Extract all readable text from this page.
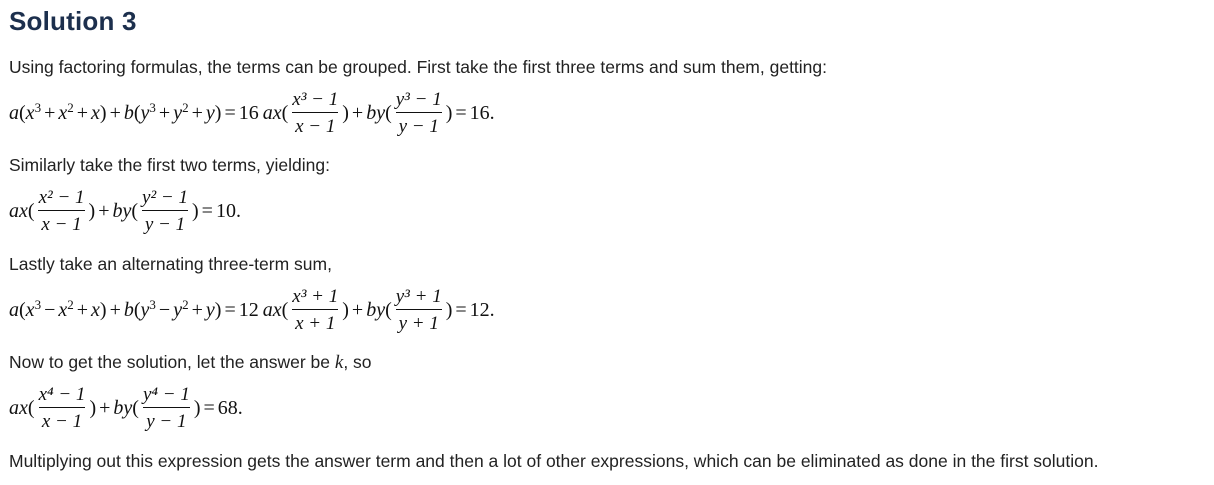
Solution 3
Using factoring formulas, the terms can be grouped. First take the first three terms and sum them, getting:
$a(x^3 + x^2 + x) + b(y^3 + y^2 + y) = 16$ ax ( $\frac{\text{x³ − 1}}{x - 1}$ ) + by ( $\frac{\text{y³ − 1}}{y - 1}$ ) = 16 .
Similarly take the first two terms, yielding:
ax ( $\frac{\text{x² − 1}}{x - 1}$ ) + by ( $\frac{\text{y² − 1}}{y - 1}$ ) = 10 .
Lastly take an alternating three-term sum,
$a(x^3 - x^2 + x) + b(y^3 - y^2 + y) = 12$ ax ( $\frac{\text{x³ + 1}}{x + 1}$ ) + by ( $\frac{\text{y³ + 1}}{y + 1}$ ) = 12 .
Now to get the solution, let the answer be k, so
ax ( $\frac{\text{x⁴ − 1}}{x - 1}$ ) + by ( $\frac{\text{y⁴ − 1}}{y - 1}$ ) = 68 .
Multiplying out this expression gets the answer term and then a lot of other expressions, which can be eliminated as done in the first solution.
